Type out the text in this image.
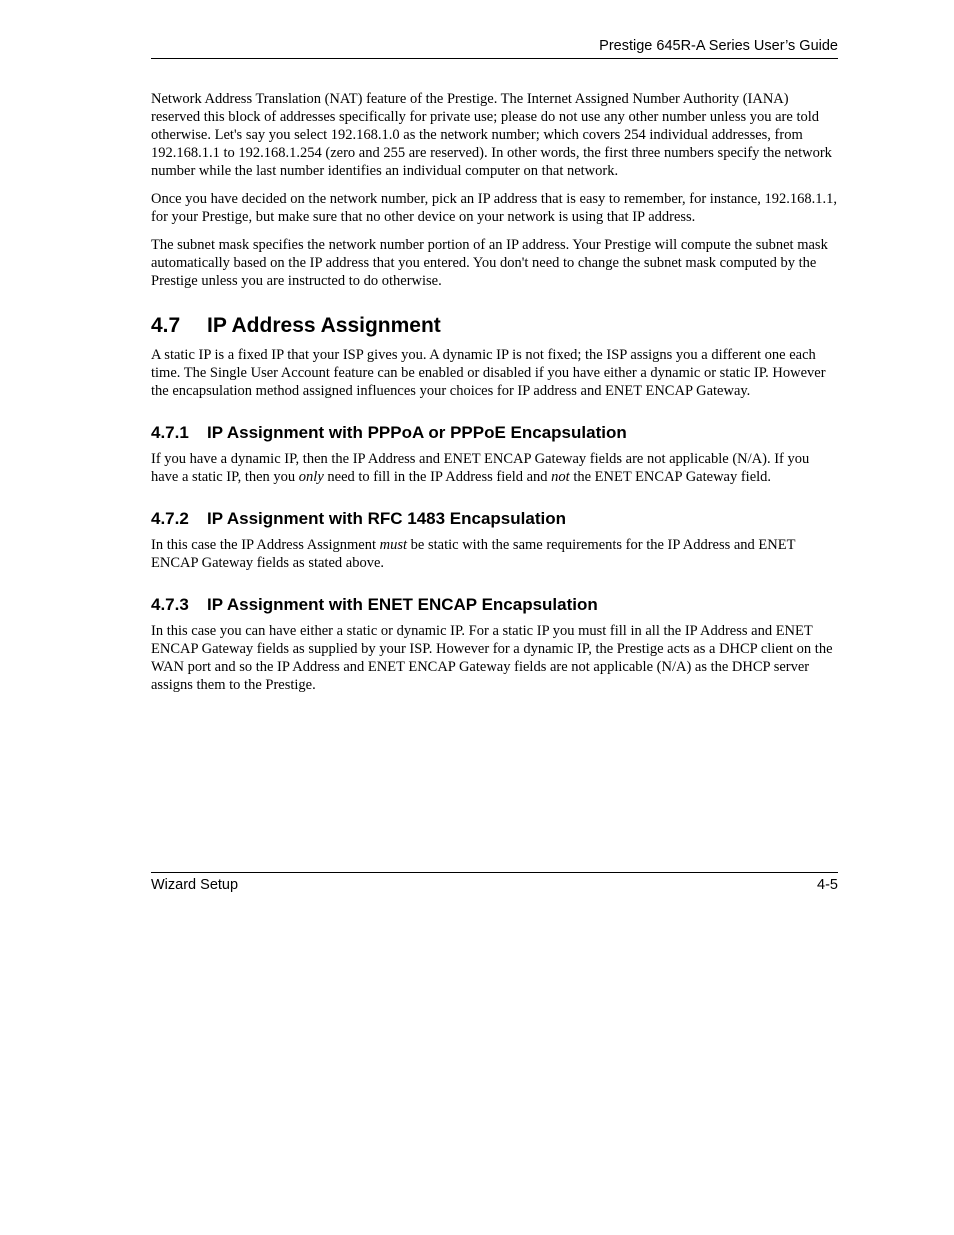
Prestige 645R-A Series User’s Guide

Network Address Translation (NAT) feature of the Prestige. The Internet Assigned Number Authority (IANA) reserved this block of addresses specifically for private use; please do not use any other number unless you are told otherwise. Let's say you select 192.168.1.0 as the network number; which covers 254 individual addresses, from 192.168.1.1 to 192.168.1.254 (zero and 255 are reserved). In other words, the first three numbers specify the network number while the last number identifies an individual computer on that network.

Once you have decided on the network number, pick an IP address that is easy to remember, for instance, 192.168.1.1, for your Prestige, but make sure that no other device on your network is using that IP address.

The subnet mask specifies the network number portion of an IP address. Your Prestige will compute the subnet mask automatically based on the IP address that you entered. You don't need to change the subnet mask computed by the Prestige unless you are instructed to do otherwise.

4.7 IP Address Assignment

A static IP is a fixed IP that your ISP gives you. A dynamic IP is not fixed; the ISP assigns you a different one each time. The Single User Account feature can be enabled or disabled if you have either a dynamic or static IP. However the encapsulation method assigned influences your choices for IP address and ENET ENCAP Gateway.

4.7.1 IP Assignment with PPPoA or PPPoE Encapsulation

If you have a dynamic IP, then the IP Address and ENET ENCAP Gateway fields are not applicable (N/A). If you have a static IP, then you only need to fill in the IP Address field and not the ENET ENCAP Gateway field.

4.7.2 IP Assignment with RFC 1483 Encapsulation

In this case the IP Address Assignment must be static with the same requirements for the IP Address and ENET ENCAP Gateway fields as stated above.

4.7.3 IP Assignment with ENET ENCAP Encapsulation

In this case you can have either a static or dynamic IP. For a static IP you must fill in all the IP Address and ENET ENCAP Gateway fields as supplied by your ISP. However for a dynamic IP, the Prestige acts as a DHCP client on the WAN port and so the IP Address and ENET ENCAP Gateway fields are not applicable (N/A) as the DHCP server assigns them to the Prestige.

Wizard Setup	4-5
